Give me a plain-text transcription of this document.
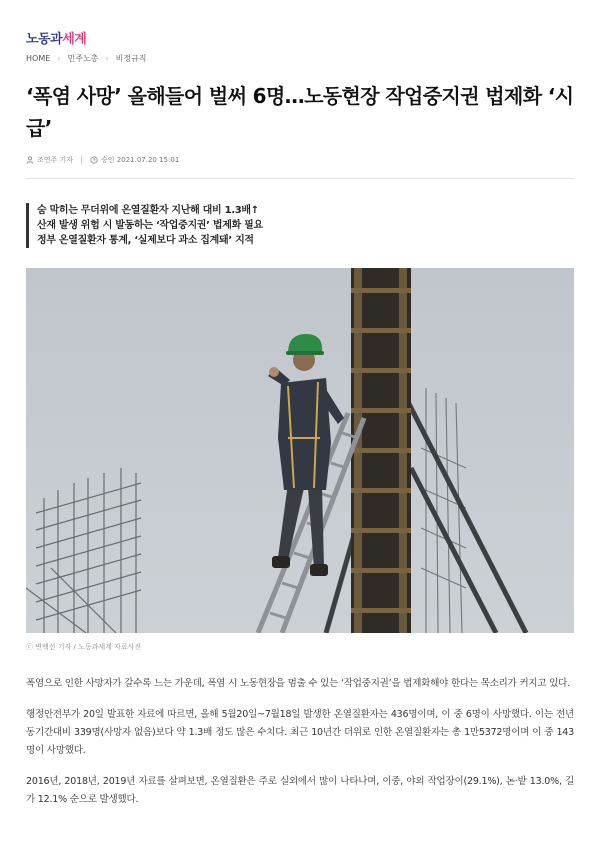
노동과 세계
HOME › 민주노총 › 비정규직
‘폭염 사망’ 올해들어 벌써 6명…노동현장 작업중지권 법제화 ‘시급’
조연주 기자	승인 2021.07.20 15:01

숨 막히는 무더위에 온열질환자 지난해 대비 1.3배↑

산재 발생 위험 시 발동하는 ‘작업중지권’ 법제화 필요

정부 온열질환자 통계, ‘실제보다 과소 집계돼’ 지적

ⓒ 변백선 기자 / 노동과세계 자료사진

폭염으로 인한 사망자가 갈수록 느는 가운데, 폭염 시 노동현장을 멈출 수 있는 ‘작업중지권’을 법제화해야 한다는 목소리가 커지고 있다.

행정안전부가 20일 발표한 자료에 따르면, 올해 5월20일~7월18일 발생한 온열질환자는 436명이며, 이 중 6명이 사망했다. 이는 전년 동기간대비 339명(사망자 없음)보다 약 1.3배 정도 많은 수치다. 최근 10년간 더위로 인한 온열질환자는 총 1만5372명이며 이 중 143명이 사망했다.

2016년, 2018년, 2019년 자료를 살펴보면, 온열질환은 주로 실외에서 많이 나타나며, 이중, 야외 작업장이(29.1%), 논·밭 13.0%, 길가 12.1% 순으로 발생했다.
